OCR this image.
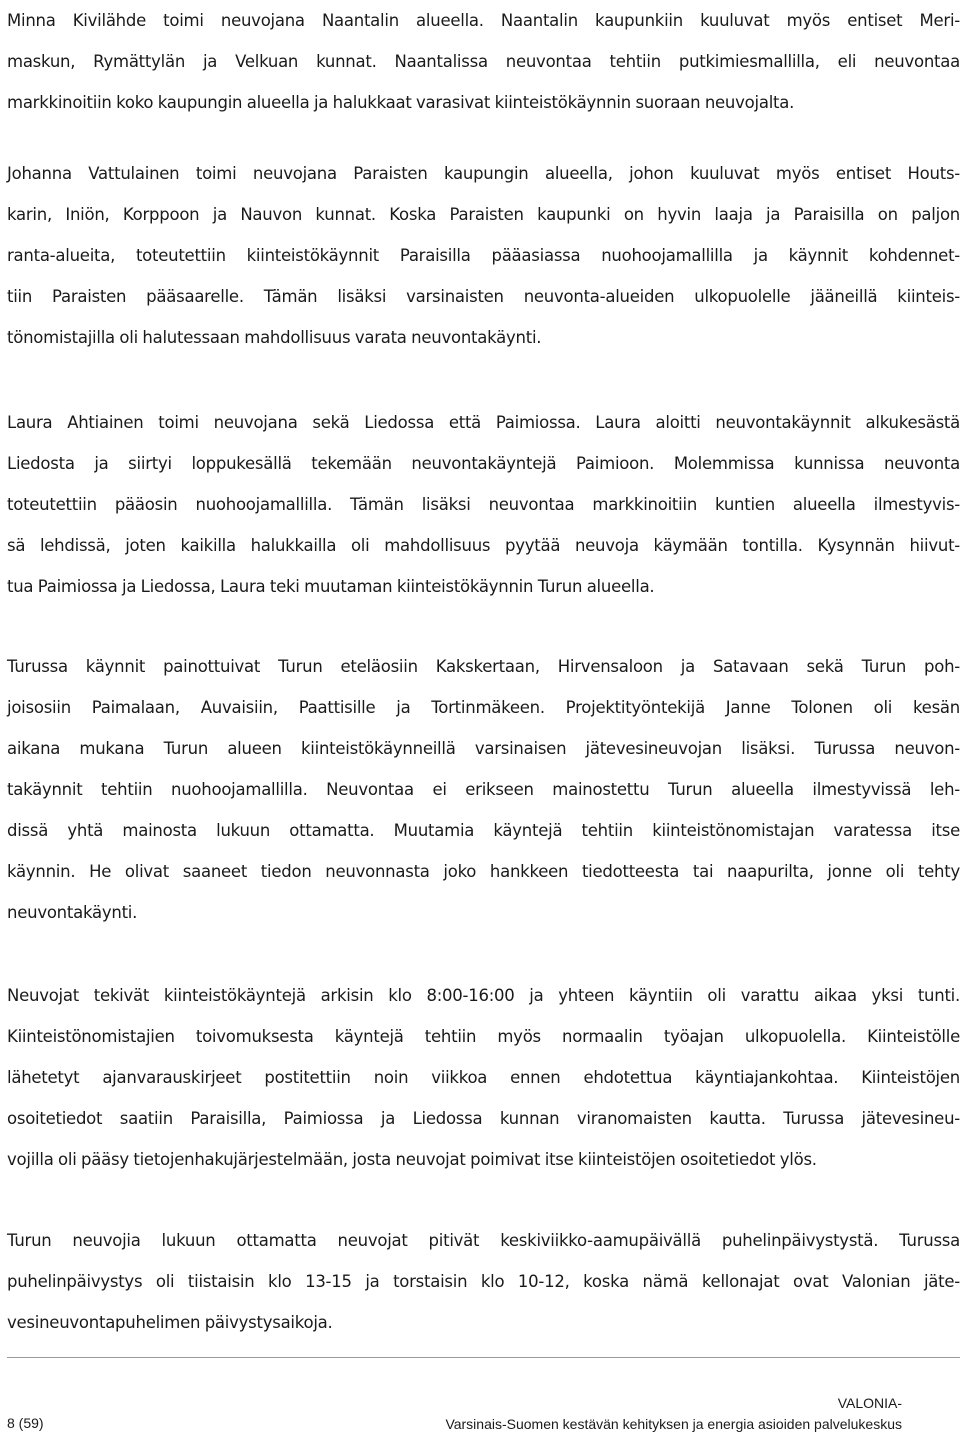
Minna Kivilähde toimi neuvojana Naantalin alueella. Naantalin kaupunkiin kuuluvat myös entiset Meri-
maskun, Rymättylän ja Velkuan kunnat. Naantalissa neuvontaa tehtiin putkimiesmallilla, eli neuvontaa
markkinoitiin koko kaupungin alueella ja halukkaat varasivat kiinteistökäynnin suoraan neuvojalta.
Johanna Vattulainen toimi neuvojana Paraisten kaupungin alueella, johon kuuluvat myös entiset Houts-
karin, Iniön, Korppoon ja Nauvon kunnat. Koska Paraisten kaupunki on hyvin laaja ja Paraisilla on paljon
ranta-alueita, toteutettiin kiinteistökäynnit Paraisilla pääasiassa nuohoojamallilla ja käynnit kohdennet-
tiin Paraisten pääsaarelle. Tämän lisäksi varsinaisten neuvonta-alueiden ulkopuolelle jääneillä kiinteis-
tönomistajilla oli halutessaan mahdollisuus varata neuvontakäynti.
Laura Ahtiainen toimi neuvojana sekä Liedossa että Paimiossa. Laura aloitti neuvontakäynnit alkukesästä
Liedosta ja siirtyi loppukesällä tekemään neuvontakäyntejä Paimioon. Molemmissa kunnissa neuvonta
toteutettiin pääosin nuohoojamallilla. Tämän lisäksi neuvontaa markkinoitiin kuntien alueella ilmestyvis-
sä lehdissä, joten kaikilla halukkailla oli mahdollisuus pyytää neuvoja käymään tontilla. Kysynnän hiivut-
tua Paimiossa ja Liedossa, Laura teki muutaman kiinteistökäynnin Turun alueella.
Turussa käynnit painottuivat Turun eteläosiin Kakskertaan, Hirvensaloon ja Satavaan sekä Turun poh-
joisosiin Paimalaan, Auvaisiin, Paattisille ja Tortinmäkeen. Projektityöntekijä Janne Tolonen oli kesän
aikana mukana Turun alueen kiinteistökäynneillä varsinaisen jätevesineuvojan lisäksi. Turussa neuvon-
takäynnit tehtiin nuohoojamallilla. Neuvontaa ei erikseen mainostettu Turun alueella ilmestyvissä leh-
dissä yhtä mainosta lukuun ottamatta. Muutamia käyntejä tehtiin kiinteistönomistajan varatessa itse
käynnin. He olivat saaneet tiedon neuvonnasta joko hankkeen tiedotteesta tai naapurilta, jonne oli tehty
neuvontakäynti.
Neuvojat tekivät kiinteistökäyntejä arkisin klo 8:00-16:00 ja yhteen käyntiin oli varattu aikaa yksi tunti.
Kiinteistönomistajien toivomuksesta käyntejä tehtiin myös normaalin työajan ulkopuolella. Kiinteistölle
lähetetyt ajanvarauskirjeet postitettiin noin viikkoa ennen ehdotettua käyntiajankohtaa. Kiinteistöjen
osoitetiedot saatiin Paraisilla, Paimiossa ja Liedossa kunnan viranomaisten kautta. Turussa jätevesineu-
vojilla oli pääsy tietojenhakujärjestelmään, josta neuvojat poimivat itse kiinteistöjen osoitetiedot ylös.
Turun neuvojia lukuun ottamatta neuvojat pitivät keskiviikko-aamupäivällä puhelinpäivystystä. Turussa
puhelinpäivystys oli tiistaisin klo 13-15 ja torstaisin klo 10-12, koska nämä kellonajat ovat Valonian jäte-
vesineuvontapuhelimen päivystysaikoja.
8 (59)
VALONIA-
Varsinais-Suomen kestävän kehityksen ja energia asioiden palvelukeskus
